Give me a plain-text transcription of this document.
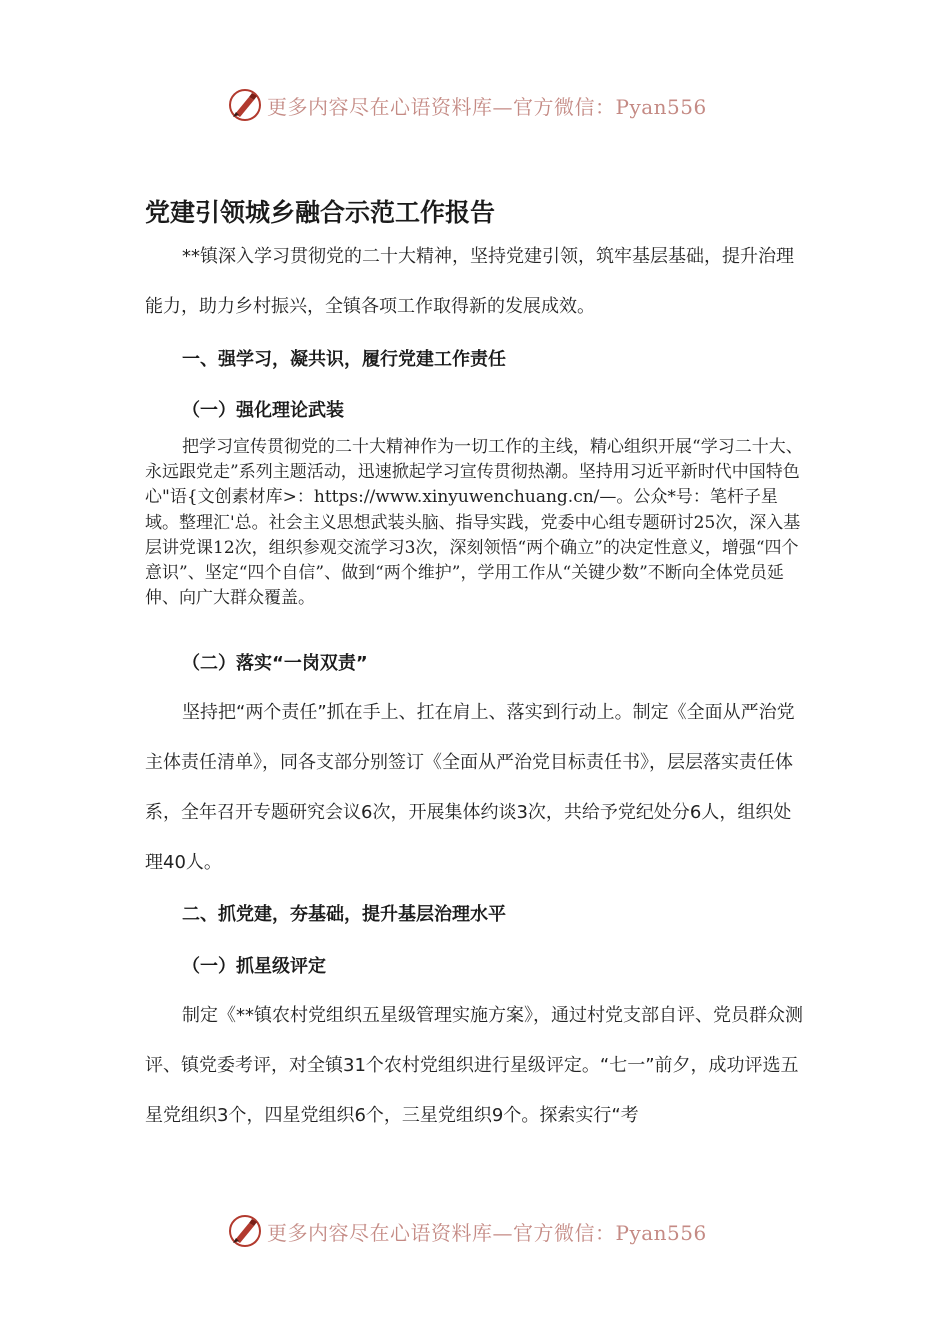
更多内容尽在心语资料库—官方微信：Pyan556
党建引领城乡融合示范工作报告

**镇深入学习贯彻党的二十大精神，坚持党建引领，筑牢基层基础，提升治理能力，助力乡村振兴，全镇各项工作取得新的发展成效。

一、强学习，凝共识，履行党建工作责任
（一）强化理论武装

把学习宣传贯彻党的二十大精神作为一切工作的主线，精心组织开展“学习二十大、永远跟党走”系列主题活动，迅速掀起学习宣传贯彻热潮。坚持用习近平新时代中国特色心"语{文创素材库>：https://www.xinyuwenchuang.cn/—。公众*号：笔杆子星域。整理汇'总。社会主义思想武装头脑、指导实践，党委中心组专题研讨25次，深入基层讲党课12次，组织参观交流学习3次，深刻领悟“两个确立”的决定性意义，增强“四个意识”、坚定“四个自信”、做到“两个维护”，学用工作从“关键少数”不断向全体党员延伸、向广大群众覆盖。

（二）落实“一岗双责”

坚持把“两个责任”抓在手上、扛在肩上、落实到行动上。制定《全面从严治党主体责任清单》，同各支部分别签订《全面从严治党目标责任书》，层层落实责任体系，全年召开专题研究会议6次，开展集体约谈3次，共给予党纪处分6人，组织处理40人。

二、抓党建，夯基础，提升基层治理水平
（一）抓星级评定

制定《**镇农村党组织五星级管理实施方案》，通过村党支部自评、党员群众测评、镇党委考评，对全镇31个农村党组织进行星级评定。“七一”前夕，成功评选五星党组织3个，四星党组织6个，三星党组织9个。探索实行“考

更多内容尽在心语资料库—官方微信：Pyan556
